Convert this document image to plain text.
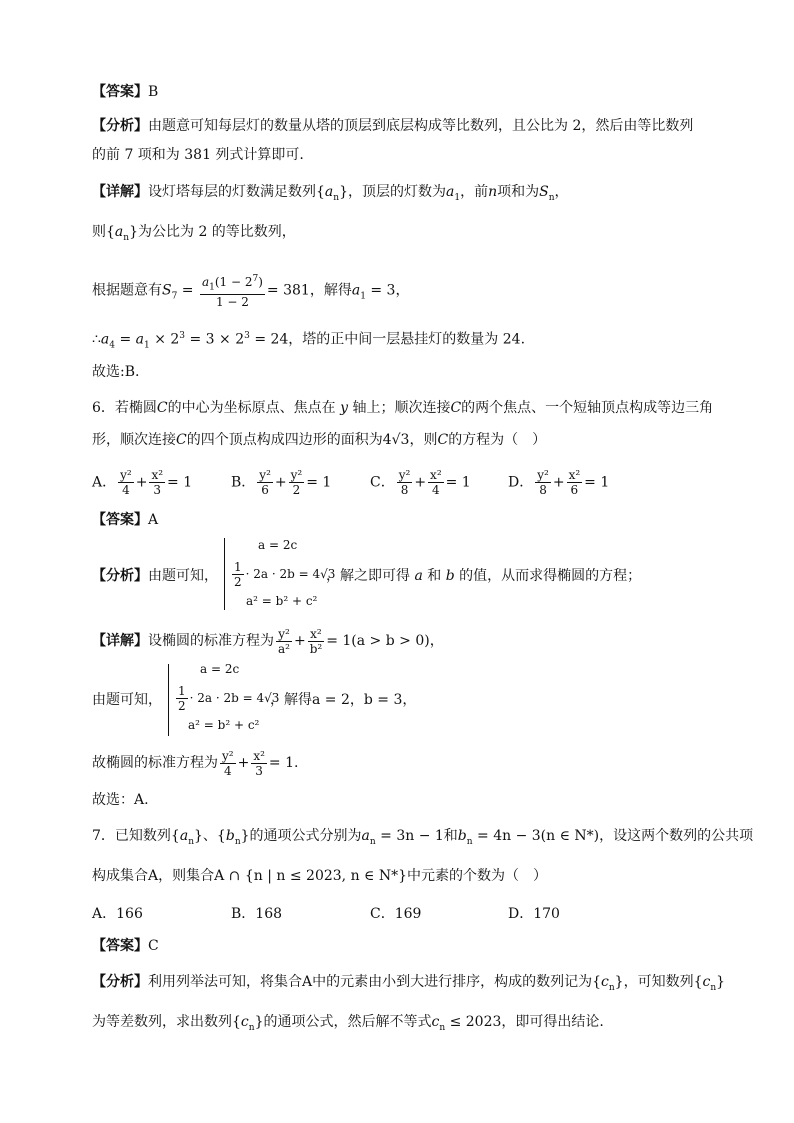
【答案】B
【分析】由题意可知每层灯的数量从塔的顶层到底层构成等比数列，且公比为 2，然后由等比数列
的前 7 项和为 381 列式计算即可.
【详解】设灯塔每层的灯数满足数列$\{a_n\}$，顶层的灯数为$a_1$，前n项和为$S_n$，
则$\{a_n\}$为公比为 2 的等比数列，
根据题意有$S_7 = \frac{a_1(1 - 2^7)}{1 - 2} = 381$，解得$a_1 = 3$，
$\therefore a_4 = a_1 \times 2^3 = 3 \times 2^3 = 24$，塔的正中间一层悬挂灯的数量为 24.
故选:B.
6．若椭圆C的中心为坐标原点、焦点在 y 轴上；顺次连接C的两个焦点、一个短轴顶点构成等边三角
形，顺次连接C的四个顶点构成四边形的面积为4√3，则C的方程为（　）
A． $\frac{\text{y²}}{4} + \frac{\text{x²}}{3} = 1$	B． $\frac{\text{y²}}{6} + \frac{\text{y²}}{2} = 1$	C． $\frac{\text{y²}}{8} + \frac{\text{x²}}{4} = 1$	D． $\frac{\text{y²}}{8} + \frac{\text{x²}}{6} = 1$
【答案】A
【分析】由题可知，
a = 2c
$\frac{1}{2} \cdot 2a \cdot 2b = 4√3$
a² = b² + c²
，解之即可得 a 和 b 的值，从而求得椭圆的方程；
【详解】设椭圆的标准方程为 $\frac{\text{y²}}{\text{a²}} + \frac{\text{x²}}{\text{b²}} = 1(a > b > 0)$，
a = 2c
$\frac{1}{2} \cdot 2a \cdot 2b = 4√3$
a² = b² + c²
由题可知，	，解得a = 2，b = 3，
故椭圆的标准方程为 $\frac{\text{y²}}{4} + \frac{\text{x²}}{3} = 1$.
故选：A.
7．已知数列$\{a_n\}$、$\{b_n\}$的通项公式分别为$a_n = 3n - 1$和$b_n = 4n - 3(n$ ∈ N*)，设这两个数列的公共项
构成集合A，则集合A ∩ {n | n ≤ 2023, n ∈ N*}中元素的个数为（　）
A．166	B．168	C．169	D．170
【答案】C
【分析】利用列举法可知，将集合A中的元素由小到大进行排序，构成的数列记为$\{c_n\}$，可知数列$\{c_n\}$
为等差数列，求出数列$\{c_n\}$的通项公式，然后解不等式$c_n \le 2023$，即可得出结论.
